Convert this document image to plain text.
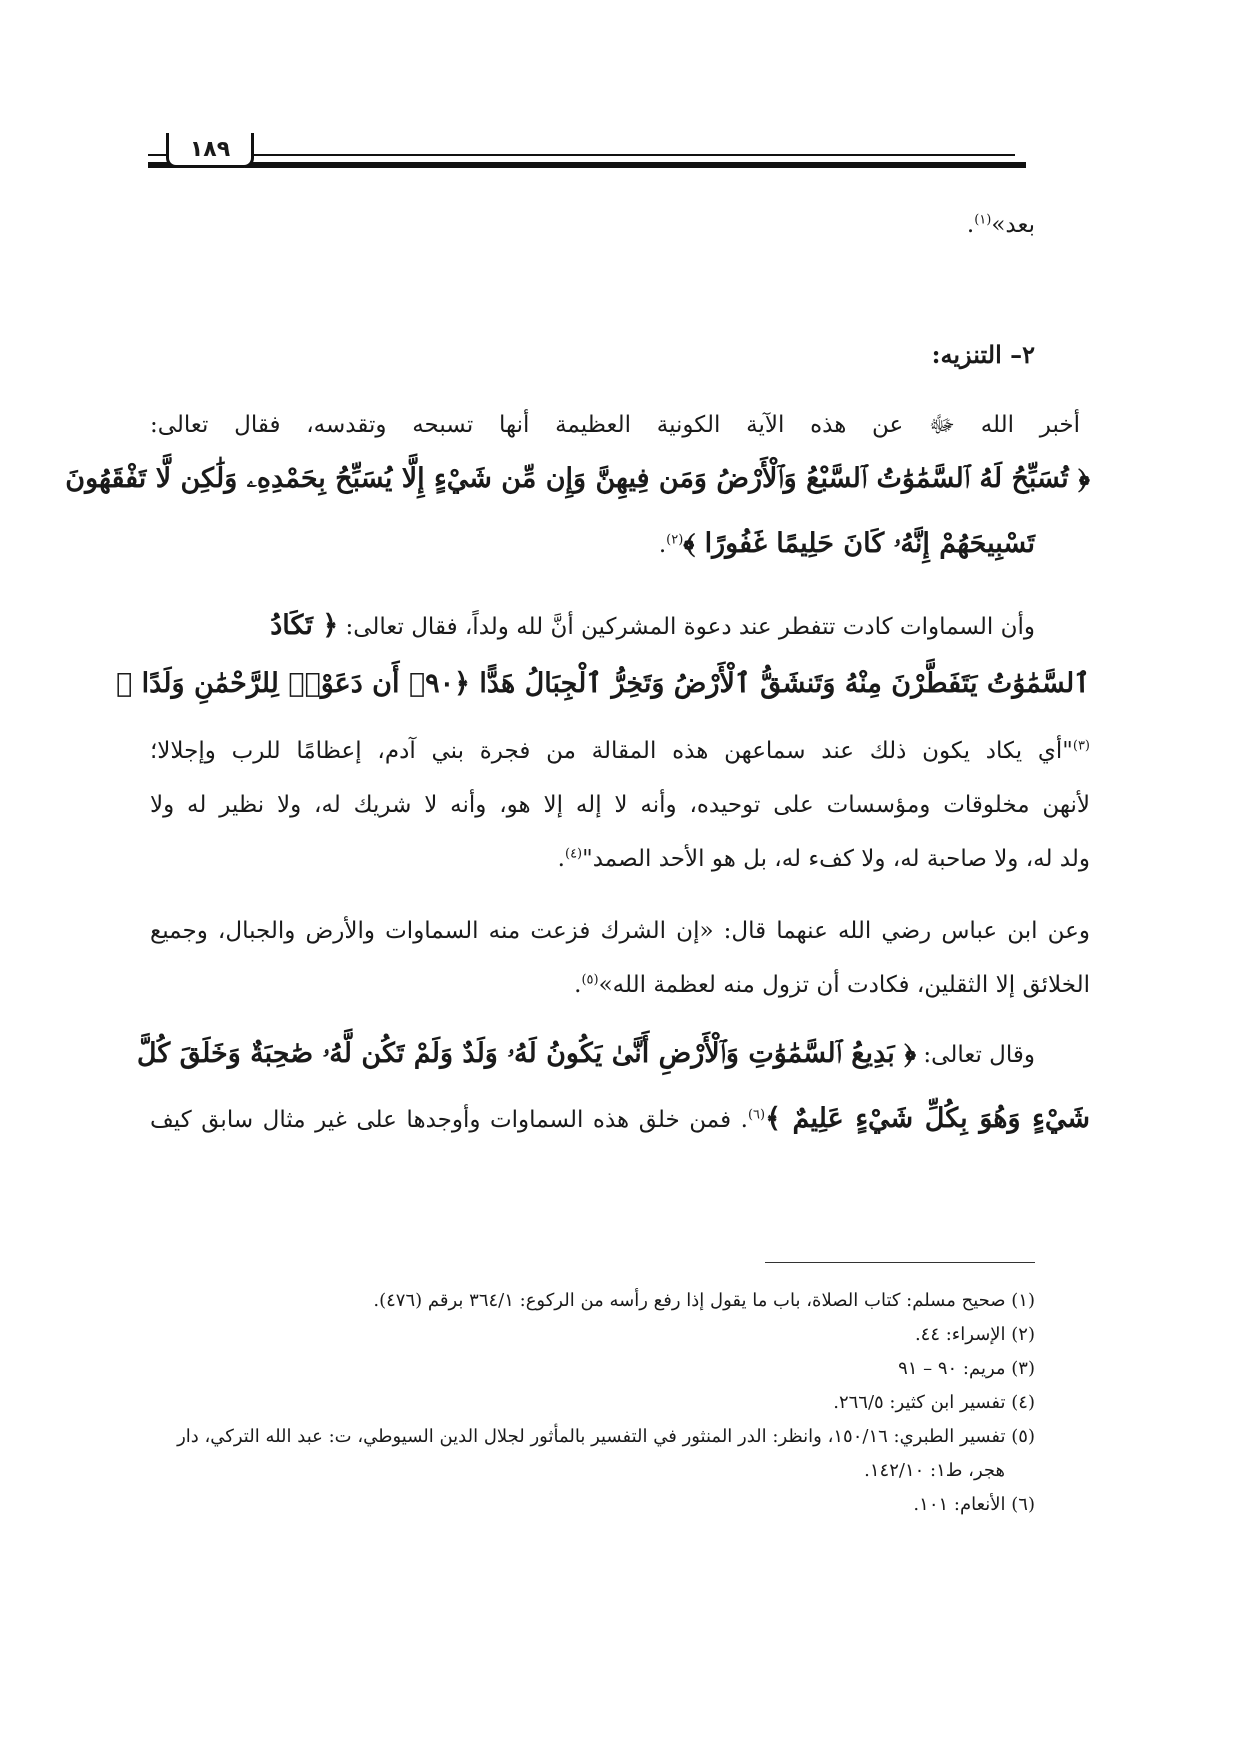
١٨٩
بعد»$^{(١)}$.
٢– التنزيه:
أخبر الله ﷻ عن هذه الآية الكونية العظيمة أنها تسبحه وتقدسه، فقال تعالى:
﴿ تُسَبِّحُ لَهُ ٱلسَّمَٰوَٰتُ ٱلسَّبْعُ وَٱلْأَرْضُ وَمَن فِيهِنَّ وَإِن مِّن شَيْءٍ إِلَّا يُسَبِّحُ بِحَمْدِهِۦ وَلَٰكِن لَّا تَفْقَهُونَ
تَسْبِيحَهُمْ إِنَّهُۥ كَانَ حَلِيمًا غَفُورًا ﴾$^{(٢)}$.
وأن السماوات كادت تتفطر عند دعوة المشركين أنَّ لله ولداً، فقال تعالى: ﴿ تَكَادُ
ٱلسَّمَٰوَٰتُ يَتَفَطَّرْنَ مِنْهُ وَتَنشَقُّ ٱلْأَرْضُ وَتَخِرُّ ٱلْجِبَالُ هَدًّا ﴿٩٠﴾ أَن دَعَوْا۟ لِلرَّحْمَٰنِ وَلَدًا ﴾
$^{(٣)}$"أي يكاد يكون ذلك عند سماعهن هذه المقالة من فجرة بني آدم، إعظامًا للرب وإجلالا؛
لأنهن مخلوقات ومؤسسات على توحيده، وأنه لا إله إلا هو، وأنه لا شريك له، ولا نظير له ولا
ولد له، ولا صاحبة له، ولا كفء له، بل هو الأحد الصمد"$^{(٤)}$.
وعن ابن عباس رضي الله عنهما قال: «إن الشرك فزعت منه السماوات والأرض والجبال، وجميع
الخلائق إلا الثقلين، فكادت أن تزول منه لعظمة الله»$^{(٥)}$.
وقال تعالى: ﴿ بَدِيعُ ٱلسَّمَٰوَٰتِ وَٱلْأَرْضِ أَنَّىٰ يَكُونُ لَهُۥ وَلَدٌ وَلَمْ تَكُن لَّهُۥ صَٰحِبَةٌ وَخَلَقَ كُلَّ
شَيْءٍ وَهُوَ بِكُلِّ شَيْءٍ عَلِيمٌ ﴾$^{(٦)}$. فمن خلق هذه السماوات وأوجدها على غير مثال سابق كيف
(١) صحيح مسلم: كتاب الصلاة، باب ما يقول إذا رفع رأسه من الركوع: ٣٦٤/١ برقم (٤٧٦).
(٢) الإسراء: ٤٤.
(٣) مريم: ٩٠ – ٩١
(٤) تفسير ابن كثير: ٢٦٦/٥.
(٥) تفسير الطبري: ١٥٠/١٦، وانظر: الدر المنثور في التفسير بالمأثور لجلال الدين السيوطي، ت: عبد الله التركي، دار
هجر، ط١: ١٤٢/١٠.
(٦) الأنعام: ١٠١.
